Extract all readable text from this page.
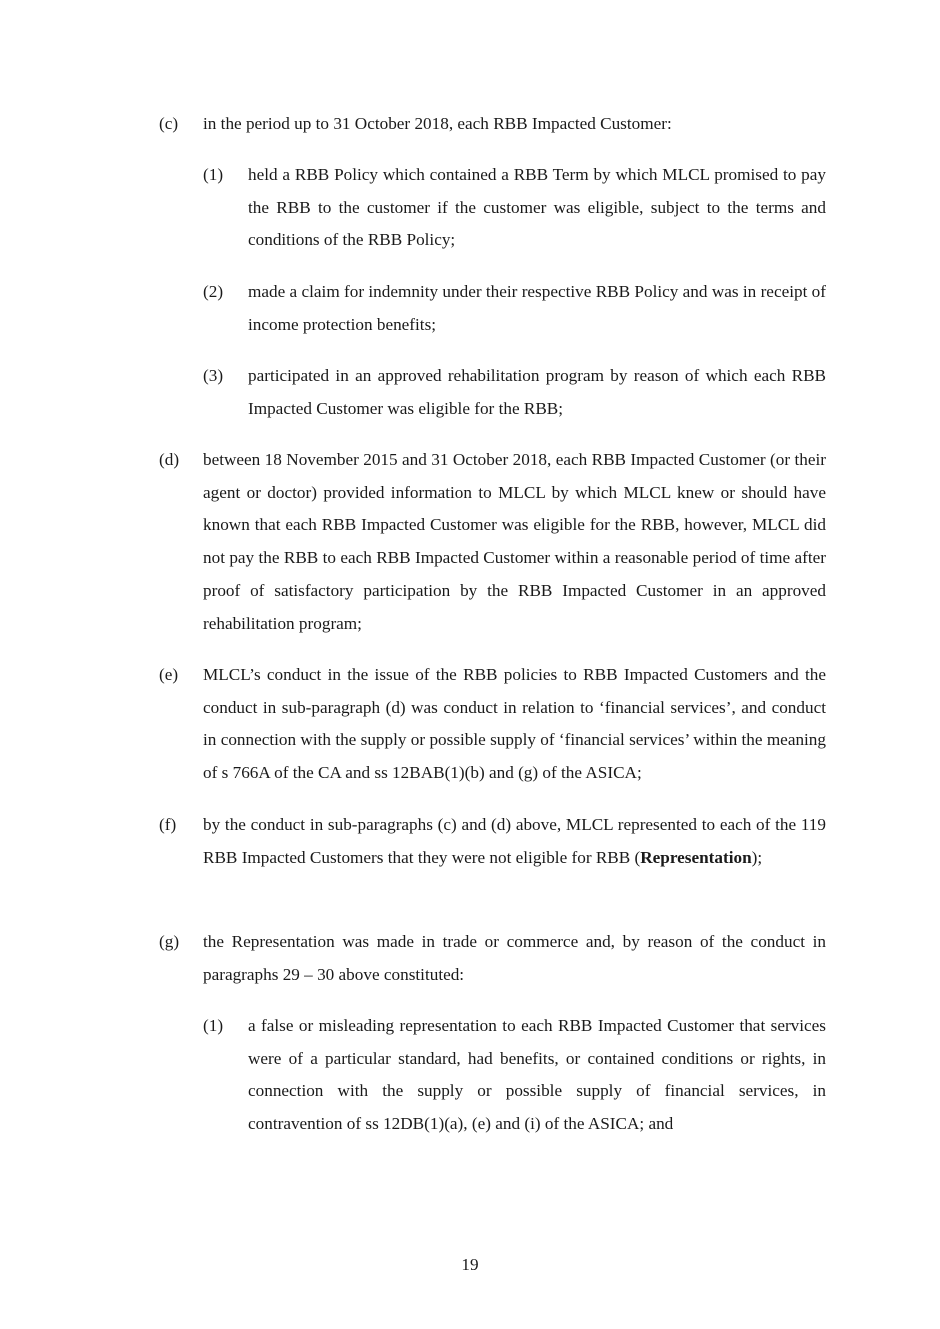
(c) in the period up to 31 October 2018, each RBB Impacted Customer:
(1) held a RBB Policy which contained a RBB Term by which MLCL promised to pay the RBB to the customer if the customer was eligible, subject to the terms and conditions of the RBB Policy;
(2) made a claim for indemnity under their respective RBB Policy and was in receipt of income protection benefits;
(3) participated in an approved rehabilitation program by reason of which each RBB Impacted Customer was eligible for the RBB;
(d) between 18 November 2015 and 31 October 2018, each RBB Impacted Customer (or their agent or doctor) provided information to MLCL by which MLCL knew or should have known that each RBB Impacted Customer was eligible for the RBB, however, MLCL did not pay the RBB to each RBB Impacted Customer within a reasonable period of time after proof of satisfactory participation by the RBB Impacted Customer in an approved rehabilitation program;
(e) MLCL’s conduct in the issue of the RBB policies to RBB Impacted Customers and the conduct in sub-paragraph (d) was conduct in relation to ‘financial services’, and conduct in connection with the supply or possible supply of ‘financial services’ within the meaning of s 766A of the CA and ss 12BAB(1)(b) and (g) of the ASICA;
(f) by the conduct in sub-paragraphs (c) and (d) above, MLCL represented to each of the 119 RBB Impacted Customers that they were not eligible for RBB (Representation);
(g) the Representation was made in trade or commerce and, by reason of the conduct in paragraphs 29 – 30 above constituted:
(1) a false or misleading representation to each RBB Impacted Customer that services were of a particular standard, had benefits, or contained conditions or rights, in connection with the supply or possible supply of financial services, in contravention of ss 12DB(1)(a), (e) and (i) of the ASICA; and
19
